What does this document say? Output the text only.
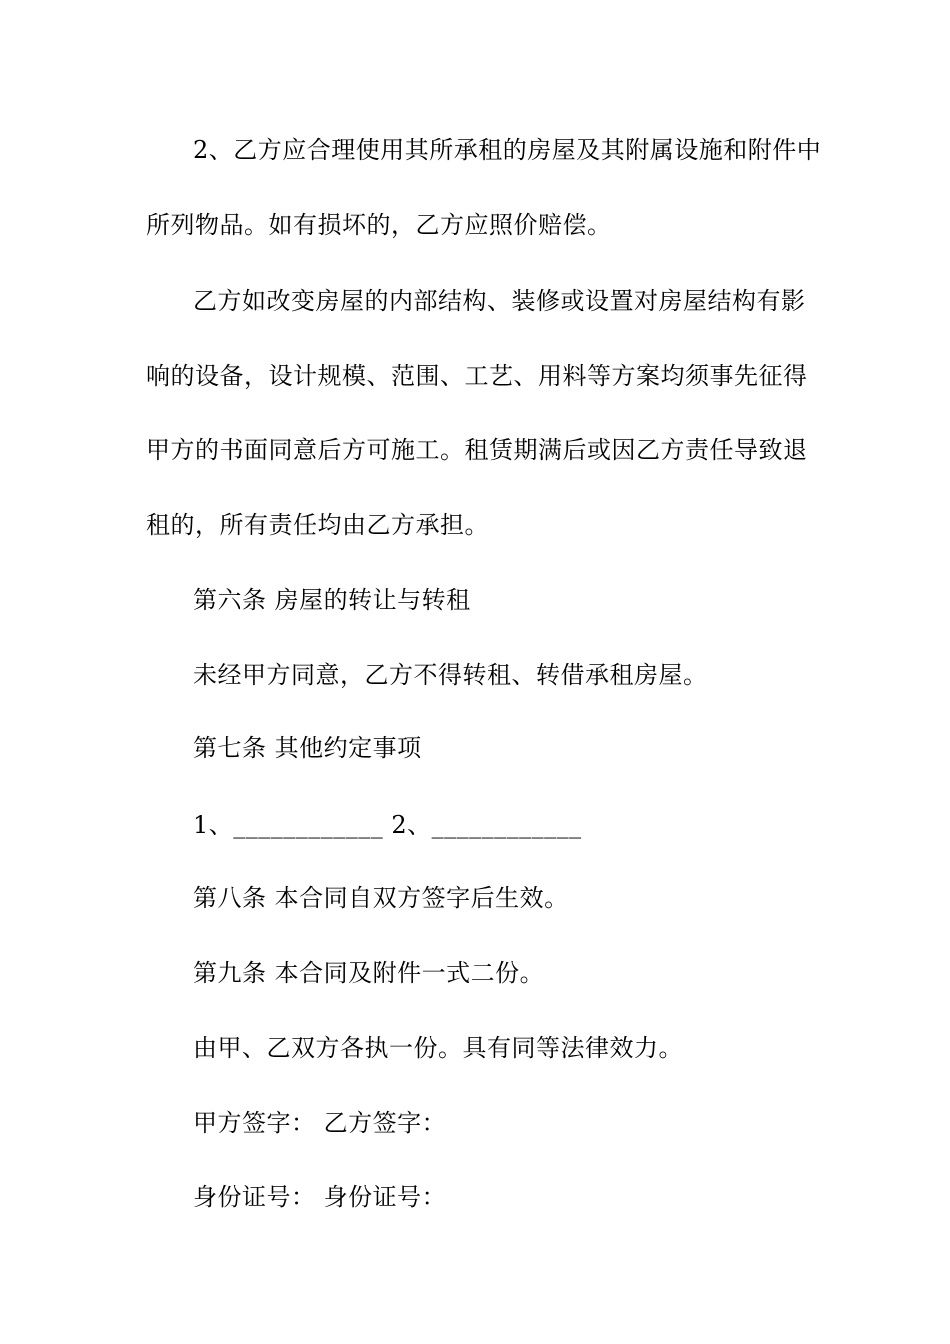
2、乙方应合理使用其所承租的房屋及其附属设施和附件中
所列物品。如有损坏的，乙方应照价赔偿。
乙方如改变房屋的内部结构、装修或设置对房屋结构有影
响的设备，设计规模、范围、工艺、用料等方案均须事先征得
甲方的书面同意后方可施工。租赁期满后或因乙方责任导致退
租的，所有责任均由乙方承担。
第六条 房屋的转让与转租
未经甲方同意，乙方不得转租、转借承租房屋。
第七条 其他约定事项
1、____________ 2、____________
第八条 本合同自双方签字后生效。
第九条 本合同及附件一式二份。
由甲、乙双方各执一份。具有同等法律效力。
甲方签字： 乙方签字：
身份证号： 身份证号：
